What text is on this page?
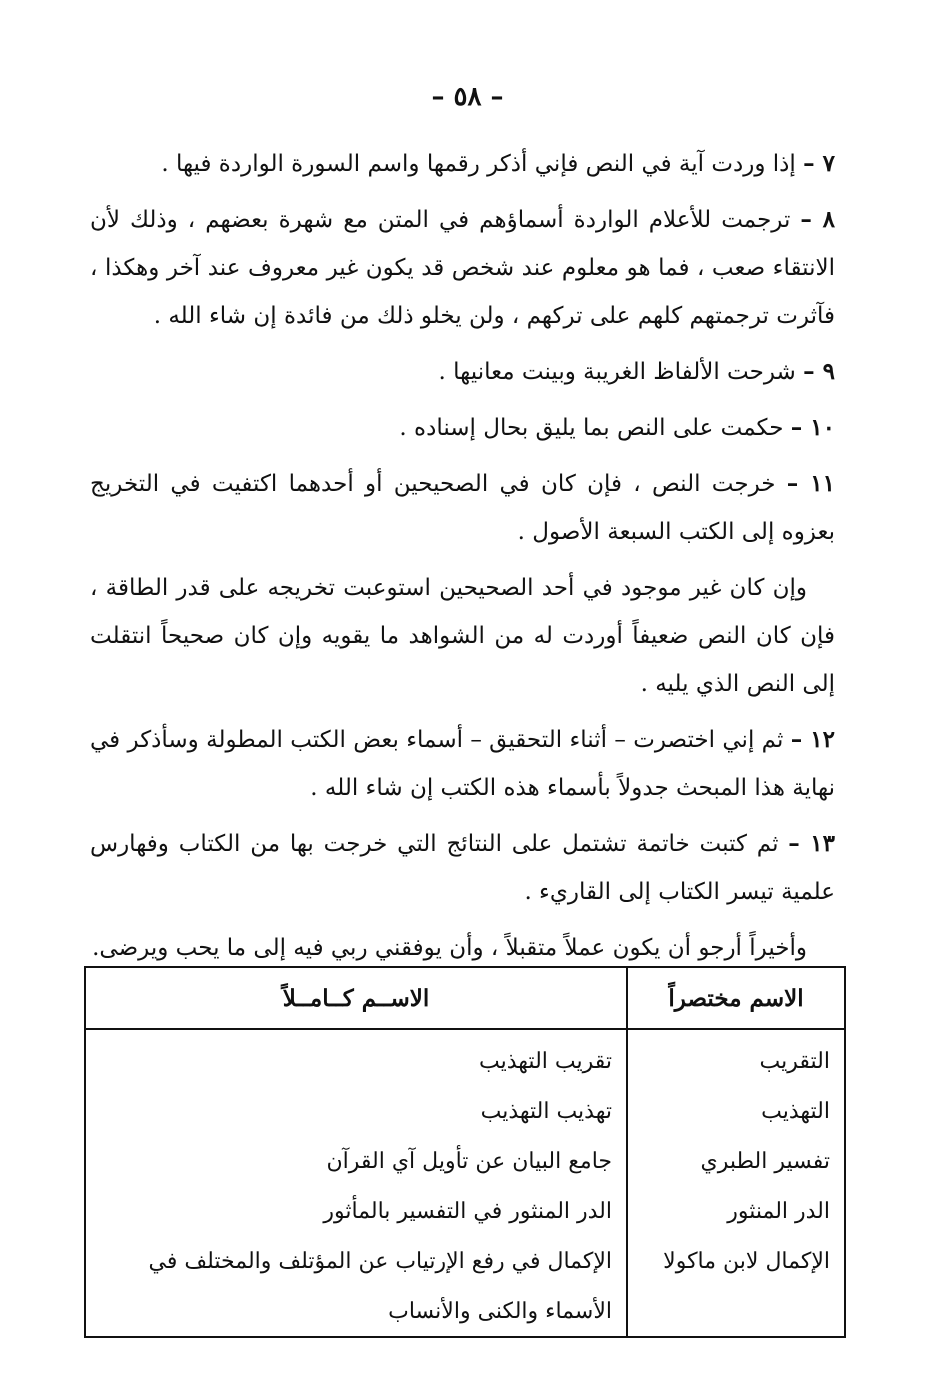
– ٥٨ –

٧ – إذا وردت آية في النص فإني أذكر رقمها واسم السورة الواردة فيها .

٨ – ترجمت للأعلام الواردة أسماؤهم في المتن مع شهرة بعضهم ، وذلك لأن الانتقاء صعب ، فما هو معلوم عند شخص قد يكون غير معروف عند آخر وهكذا ، فآثرت ترجمتهم كلهم على تركهم ، ولن يخلو ذلك من فائدة إن شاء الله .

٩ – شرحت الألفاظ الغريبة وبينت معانيها .

١٠ – حكمت على النص بما يليق بحال إسناده .

١١ – خرجت النص ، فإن كان في الصحيحين أو أحدهما اكتفيت في التخريج بعزوه إلى الكتب السبعة الأصول .

وإن كان غير موجود في أحد الصحيحين استوعبت تخريجه على قدر الطاقة ، فإن كان النص ضعيفاً أوردت له من الشواهد ما يقويه وإن كان صحيحاً انتقلت إلى النص الذي يليه .

١٢ – ثم إني اختصرت – أثناء التحقيق – أسماء بعض الكتب المطولة وسأذكر في نهاية هذا المبحث جدولاً بأسماء هذه الكتب إن شاء الله .

١٣ – ثم كتبت خاتمة تشتمل على النتائج التي خرجت بها من الكتاب وفهارس علمية تيسر الكتاب إلى القاريء .

وأخيراً أرجو أن يكون عملاً متقبلاً ، وأن يوفقني ربي فيه إلى ما يحب ويرضى.

الاسم مختصراً	الاســم كــامــلاً
التقريب	تقريب التهذيب
التهذيب	تهذيب التهذيب
تفسير الطبري	جامع البيان عن تأويل آي القرآن
الدر المنثور	الدر المنثور في التفسير بالمأثور
الإكمال لابن ماكولا	الإكمال في رفع الإرتياب عن المؤتلف والمختلف في
	الأسماء والكنى والأنساب
